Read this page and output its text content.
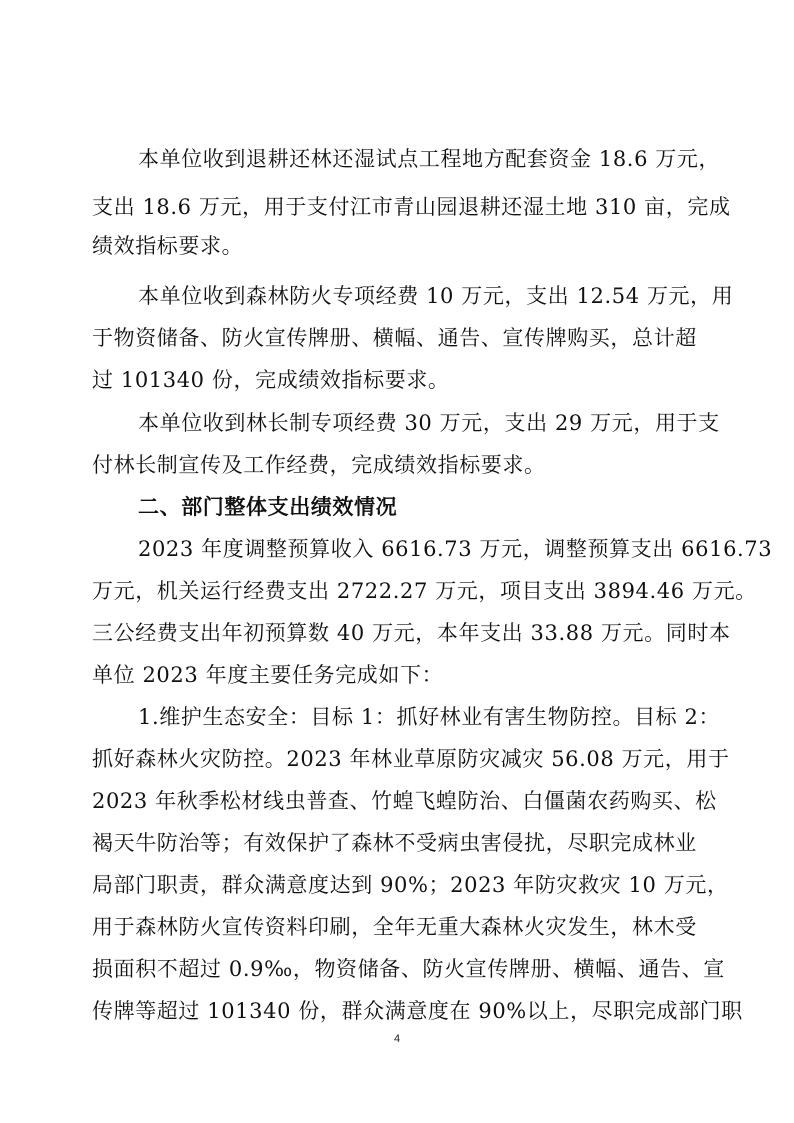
本单位收到退耕还林还湿试点工程地方配套资金 18.6 万元，
支出 18.6 万元，用于支付江市青山园退耕还湿土地 310 亩，完成
绩效指标要求。
本单位收到森林防火专项经费 10 万元，支出 12.54 万元，用
于物资储备、防火宣传牌册、横幅、通告、宣传牌购买，总计超
过 101340 份，完成绩效指标要求。
本单位收到林长制专项经费 30 万元，支出 29 万元，用于支
付林长制宣传及工作经费，完成绩效指标要求。
二、部门整体支出绩效情况
2023 年度调整预算收入 6616.73 万元，调整预算支出 6616.73
万元，机关运行经费支出 2722.27 万元，项目支出 3894.46 万元。
三公经费支出年初预算数 40 万元，本年支出 33.88 万元。同时本
单位 2023 年度主要任务完成如下：
1.维护生态安全：目标 1：抓好林业有害生物防控。目标 2：
抓好森林火灾防控。2023 年林业草原防灾减灾 56.08 万元，用于
2023 年秋季松材线虫普查、竹蝗飞蝗防治、白僵菌农药购买、松
褐天牛防治等；有效保护了森林不受病虫害侵扰，尽职完成林业
局部门职责，群众满意度达到 90%；2023 年防灾救灾 10 万元，
用于森林防火宣传资料印刷，全年无重大森林火灾发生，林木受
损面积不超过 0.9‰，物资储备、防火宣传牌册、横幅、通告、宣
传牌等超过 101340 份，群众满意度在 90%以上，尽职完成部门职
4
